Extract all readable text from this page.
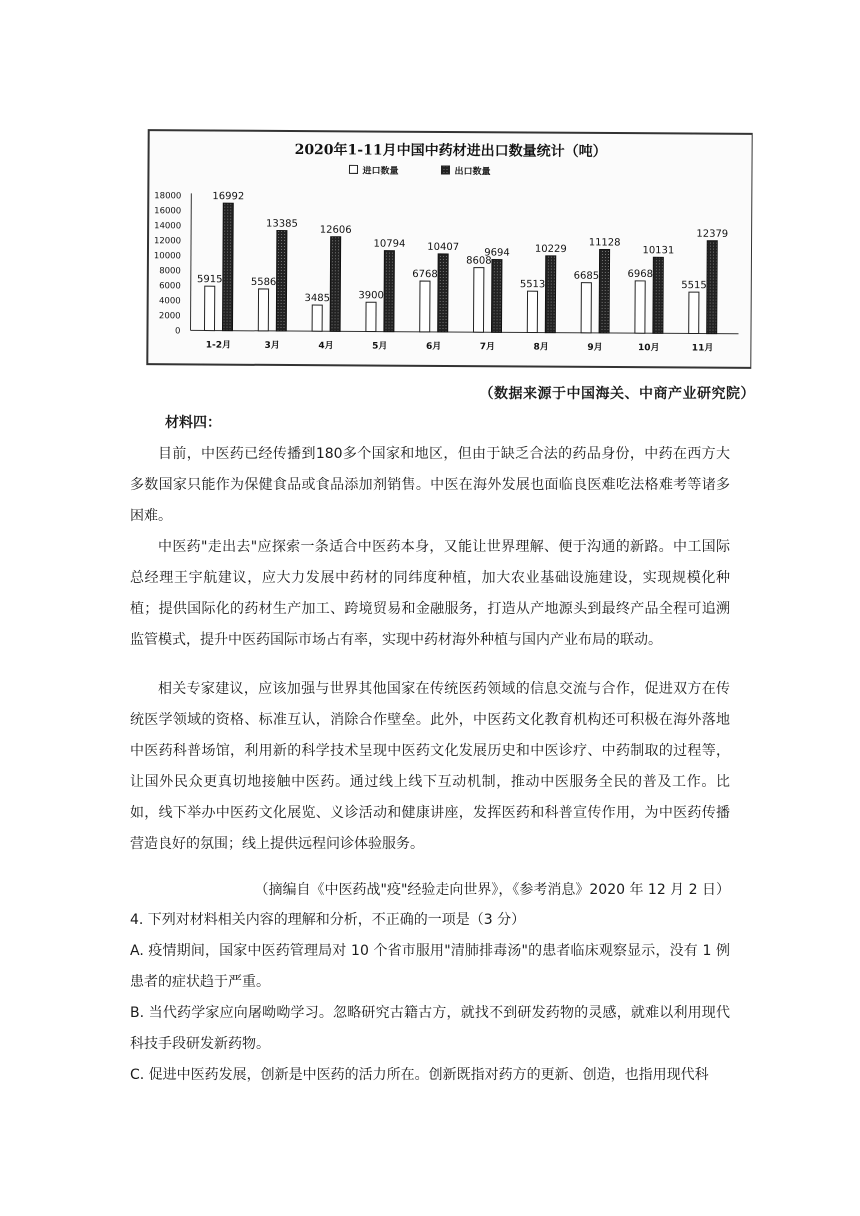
2020年1-11月中国中药材进出口数量统计（吨）
进口数量	出口数量
18000
16000
14000
12000
10000
8000
6000
4000
2000
0
5915
16992
1-2月
5586
13385
3月
3485
12606
4月
3900
10794
5月
6768
10407
6月
8608
9694
7月
5513
10229
8月
6685
11128
9月
6968
10131
10月
5515
12379
11月
（数据来源于中国海关、中商产业研究院）
材料四：
目前，中医药已经传播到180多个国家和地区，但由于缺乏合法的药品身份，中药在西方大多数国家只能作为保健食品或食品添加剂销售。中医在海外发展也面临良医难吃法格难考等诸多困难。
中医药"走出去"应探索一条适合中医药本身，又能让世界理解、便于沟通的新路。中工国际总经理王宇航建议，应大力发展中药材的同纬度种植，加大农业基础设施建设，实现规模化种植；提供国际化的药材生产加工、跨境贸易和金融服务，打造从产地源头到最终产品全程可追溯监管模式，提升中医药国际市场占有率，实现中药材海外种植与国内产业布局的联动。
相关专家建议，应该加强与世界其他国家在传统医药领域的信息交流与合作，促进双方在传统医学领域的资格、标准互认，消除合作壁垒。此外，中医药文化教育机构还可积极在海外落地中医药科普场馆，利用新的科学技术呈现中医药文化发展历史和中医诊疗、中药制取的过程等，让国外民众更真切地接触中医药。通过线上线下互动机制，推动中医服务全民的普及工作。比如，线下举办中医药文化展览、义诊活动和健康讲座，发挥医药和科普宣传作用，为中医药传播营造良好的氛围；线上提供远程问诊体验服务。
（摘编自《中医药战"疫"经验走向世界》，《参考消息》2020 年 12 月 2 日）
4. 下列对材料相关内容的理解和分析，不正确的一项是（3 分）
A. 疫情期间，国家中医药管理局对 10 个省市服用"清肺排毒汤"的患者临床观察显示，没有 1 例患者的症状趋于严重。
B. 当代药学家应向屠呦呦学习。忽略研究古籍古方，就找不到研发药物的灵感，就难以利用现代科技手段研发新药物。
C. 促进中医药发展，创新是中医药的活力所在。创新既指对药方的更新、创造，也指用现代科
